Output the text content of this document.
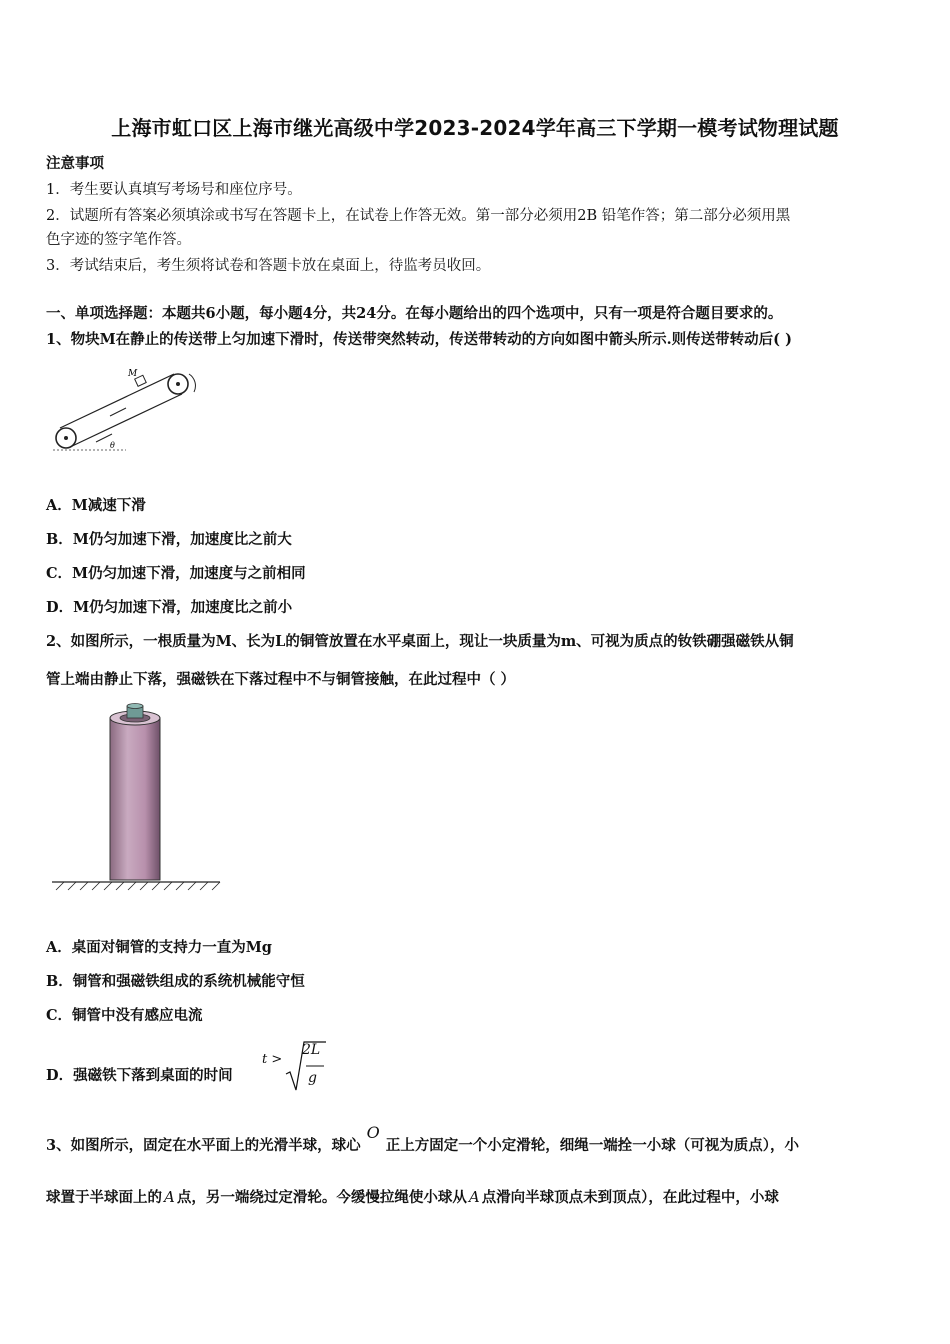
上海市虹口区上海市继光高级中学2023-2024学年高三下学期一模考试物理试题
注意事项
1．考生要认真填写考场号和座位序号。
2．试题所有答案必须填涂或书写在答题卡上，在试卷上作答无效。第一部分必须用2B 铅笔作答；第二部分必须用黑
色字迹的签字笔作答。
3．考试结束后，考生须将试卷和答题卡放在桌面上，待监考员收回。
一、单项选择题：本题共6小题，每小题4分，共24分。在每小题给出的四个选项中，只有一项是符合题目要求的。
1、物块M在静止的传送带上匀加速下滑时，传送带突然转动，传送带转动的方向如图中箭头所示.则传送带转动后( )
M
θ
A．M减速下滑
B．M仍匀加速下滑，加速度比之前大
C．M仍匀加速下滑，加速度与之前相同
D．M仍匀加速下滑，加速度比之前小
2、如图所示，一根质量为M、长为L的铜管放置在水平桌面上，现让一块质量为m、可视为质点的钕铁硼强磁铁从铜
管上端由静止下落，强磁铁在下落过程中不与铜管接触，在此过程中（ ）
A．桌面对铜管的支持力一直为Mg
B．铜管和强磁铁组成的系统机械能守恒
C．铜管中没有感应电流
D．强磁铁下落到桌面的时间
t >
2L
g
3、如图所示，固定在水平面上的光滑半球，球心O正上方固定一个小定滑轮，细绳一端拴一小球（可视为质点），小
球置于半球面上的 A 点，另一端绕过定滑轮。今缓慢拉绳使小球从 A 点滑向半球顶点未到顶点），在此过程中，小球
